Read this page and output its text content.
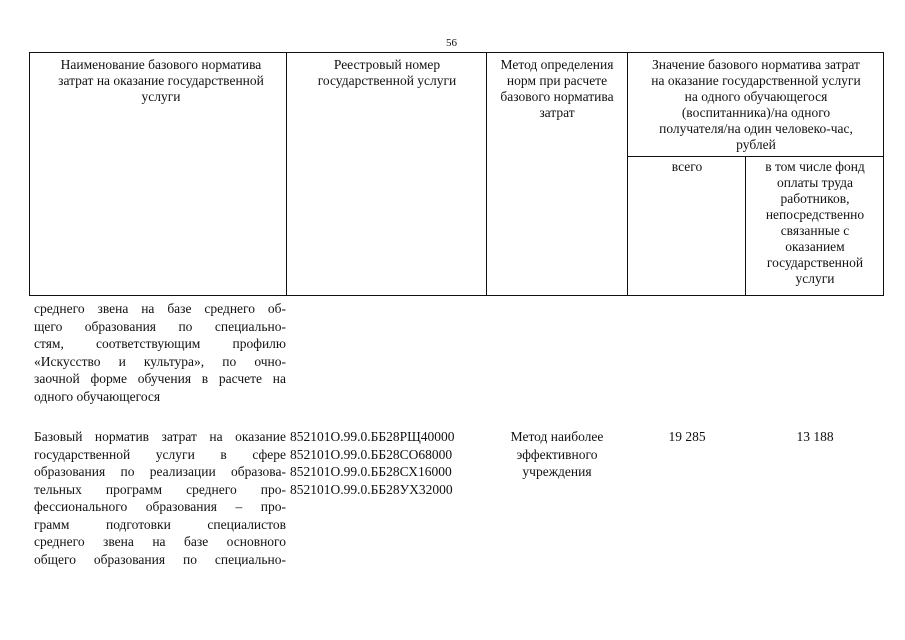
56
Наименование базового норматива
затрат на оказание государственной
услуги
Реестровый номер
государственной услуги
Метод определения
норм при расчете
базового норматива
затрат
Значение базового норматива затрат
на оказание государственной услуги
на одного обучающегося
(воспитанника)/на одного
получателя/на один человеко-час,
рублей
всего	в том числе фонд
оплаты труда
работников,
непосредственно
связанные с
оказанием
государственной
услуги
среднего звена на базе среднего об-
щего образования по специально-
стям, соответствующим профилю
«Искусство и культура», по очно-
заочной форме обучения в расчете на
одного обучающегося
Базовый норматив затрат на оказание
государственной услуги в сфере
образования по реализации образова-
тельных программ среднего про-
фессионального образования – про-
грамм подготовки специалистов
среднего звена на базе основного
общего образования по специально-
852101О.99.0.ББ28РЩ40000
852101О.99.0.ББ28СО68000
852101О.99.0.ББ28СХ16000
852101О.99.0.ББ28УХ32000
Метод наиболее
эффективного
учреждения
19 285	13 188
